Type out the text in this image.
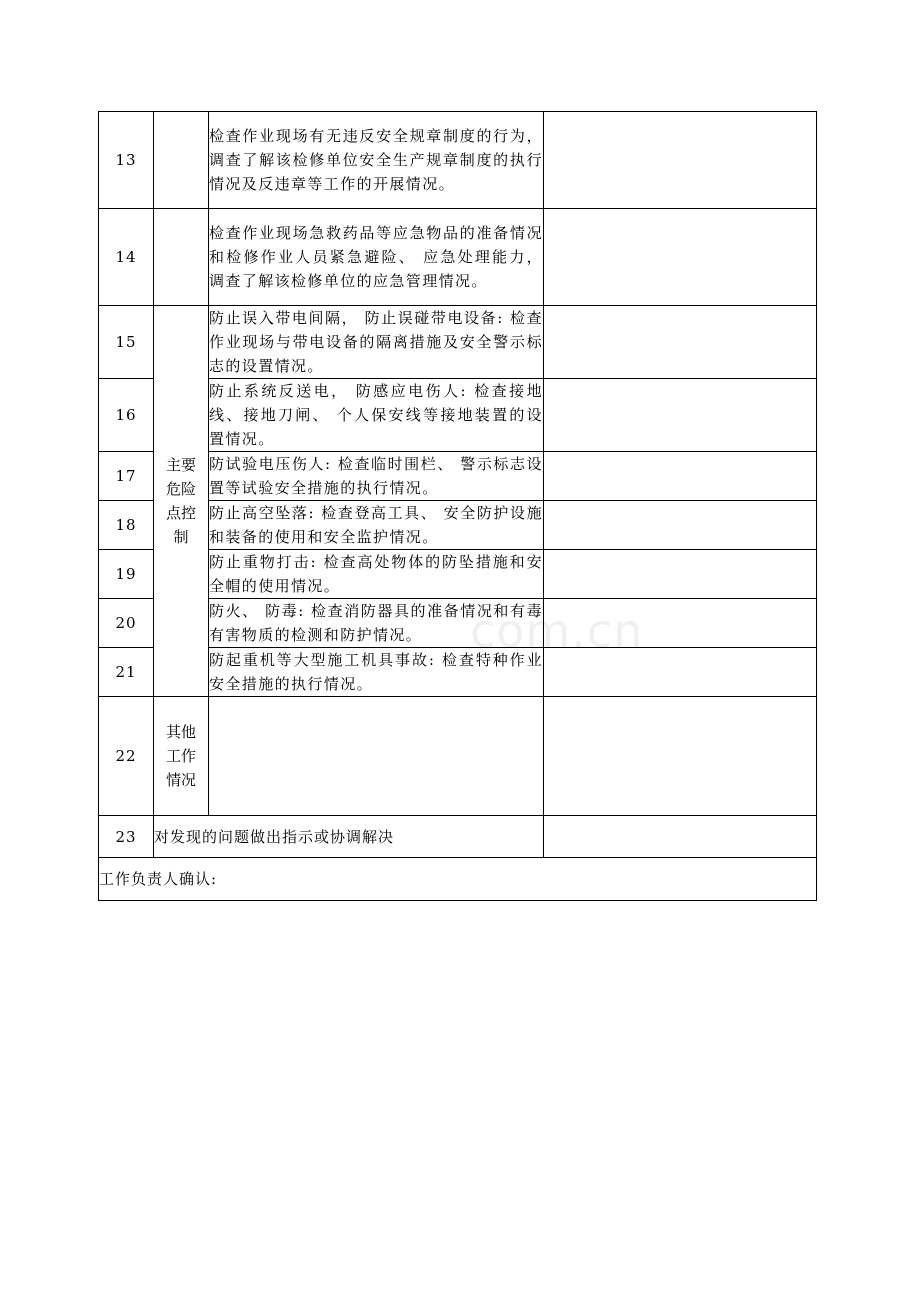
13		检查作业现场有无违反安全规章制度的行为， 调查了解该检修单位安全生产规章制度的执行情况及反违章等工作的开展情况。	
14		检查作业现场急救药品等应急物品的准备情况和检修作业人员紧急避险、 应急处理能力， 调查了解该检修单位的应急管理情况。	
15	主要危险点控制	防止误入带电间隔， 防止误碰带电设备: 检查作业现场与带电设备的隔离措施及安全警示标志的设置情况。	
16		防止系统反送电， 防感应电伤人: 检查接地线、接地刀闸、 个人保安线等接地装置的设置情况。	
17		防试验电压伤人: 检查临时围栏、 警示标志设置等试验安全措施的执行情况。	
18		防止高空坠落: 检查登高工具、 安全防护设施和装备的使用和安全监护情况。	
19		防止重物打击: 检查高处物体的防坠措施和安全帽的使用情况。	
20		防火、 防毒: 检查消防器具的准备情况和有毒有害物质的检测和防护情况。	
21		防起重机等大型施工机具事故: 检查特种作业安全措施的执行情况。	
22	其他工作情况		
23	对发现的问题做出指示或协调解决		
工作负责人确认:			
